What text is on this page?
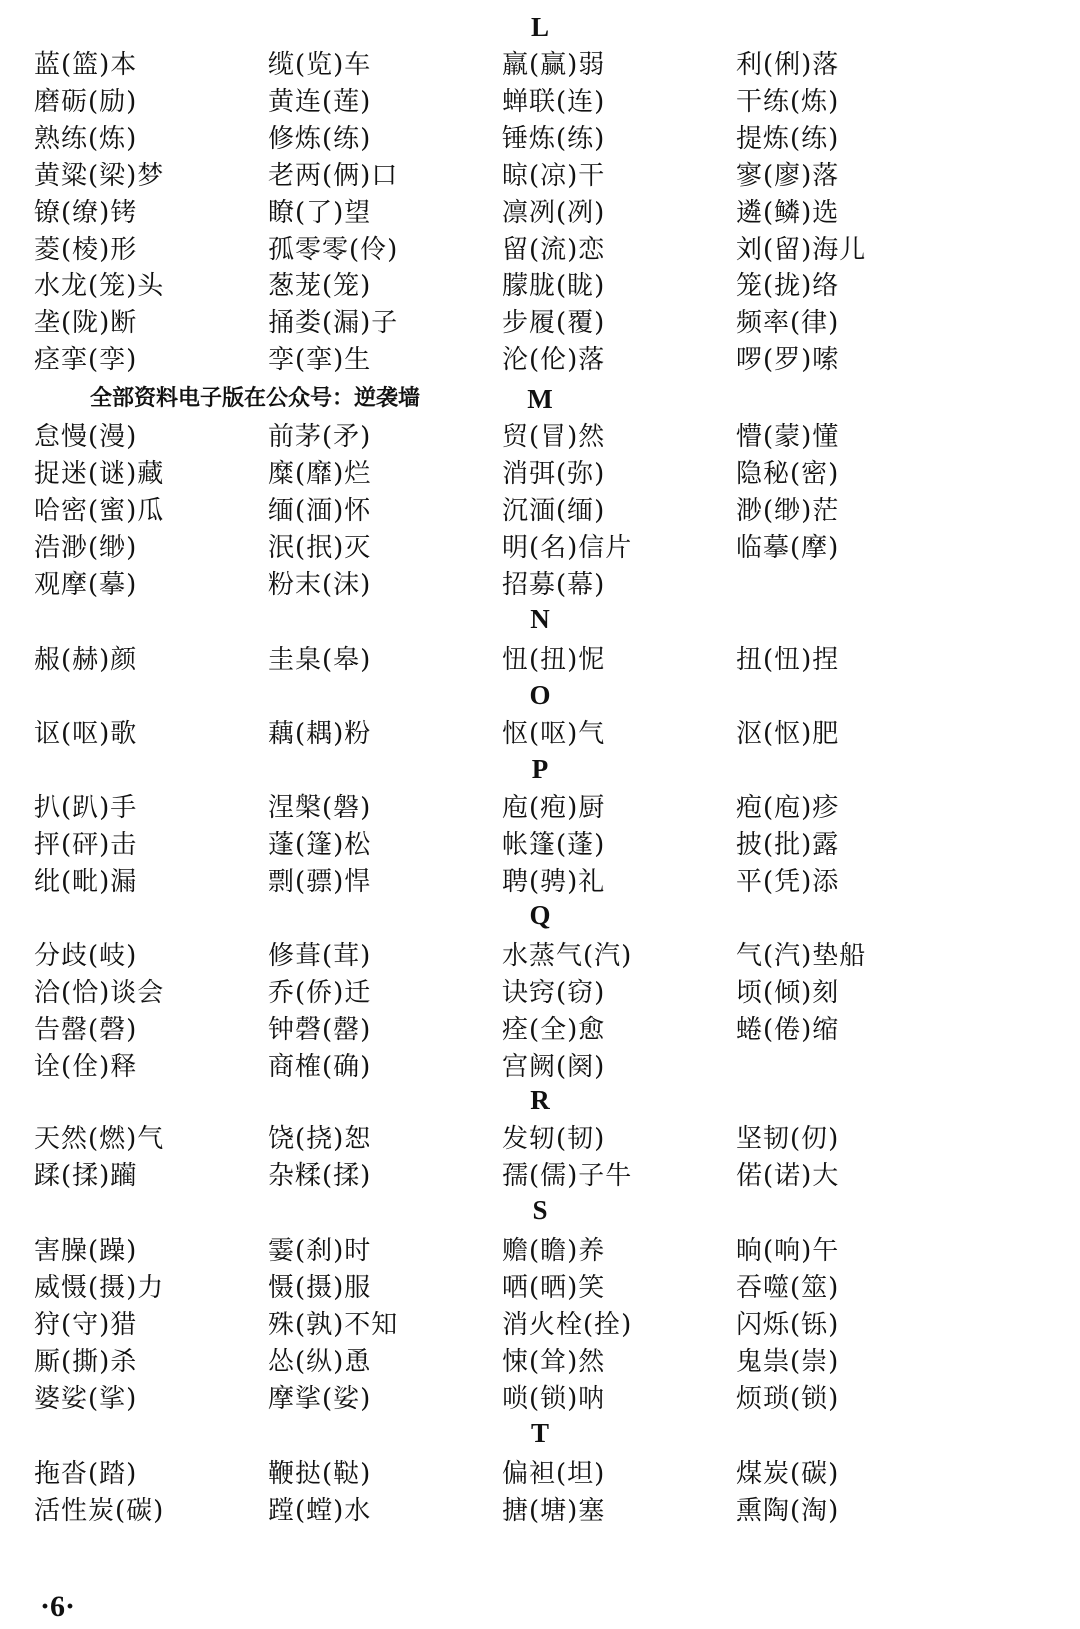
L
蓝(篮)本	缆(览)车	羸(赢)弱	利(俐)落
磨砺(励)	黄连(莲)	蝉联(连)	干练(炼)
熟练(炼)	修炼(练)	锤炼(练)	提炼(练)
黄粱(梁)梦	老两(俩)口	晾(凉)干	寥(廖)落
镣(缭)铐	瞭(了)望	凛冽(冽)	遴(鳞)选
菱(棱)形	孤零零(伶)	留(流)恋	刘(留)海儿
水龙(笼)头	葱茏(笼)	朦胧(眬)	笼(拢)络
垄(陇)断	捅娄(漏)子	步履(覆)	频率(律)
痉挛(孪)	孪(挛)生	沦(伦)落	啰(罗)嗦
全部资料电子版在公众号：逆袭墙	M
怠慢(漫)	前茅(矛)	贸(冒)然	懵(蒙)懂
捉迷(谜)藏	糜(靡)烂	消弭(弥)	隐秘(密)
哈密(蜜)瓜	缅(湎)怀	沉湎(缅)	渺(缈)茫
浩渺(缈)	泯(抿)灭	明(名)信片	临摹(摩)
观摩(摹)	粉末(沫)	招募(幕)
N
赧(赫)颜	圭臬(皋)	忸(扭)怩	扭(忸)捏
O
讴(呕)歌	藕(耦)粉	怄(呕)气	沤(怄)肥
P
扒(趴)手	涅槃(磐)	庖(疱)厨	疱(庖)疹
抨(砰)击	蓬(篷)松	帐篷(蓬)	披(批)露
纰(毗)漏	剽(骠)悍	聘(骋)礼	平(凭)添
Q
分歧(岐)	修葺(茸)	水蒸气(汽)	气(汽)垫船
洽(恰)谈会	乔(侨)迁	诀窍(窃)	顷(倾)刻
告罄(磬)	钟磬(罄)	痊(全)愈	蜷(倦)缩
诠(佺)释	商榷(确)	宫阙(阕)
R
天然(燃)气	饶(挠)恕	发轫(韧)	坚韧(仞)
蹂(揉)躏	杂糅(揉)	孺(儒)子牛	偌(诺)大
S
害臊(躁)	霎(刹)时	赡(瞻)养	晌(响)午
威慑(摄)力	慑(摄)服	哂(晒)笑	吞噬(筮)
狩(守)猎	殊(孰)不知	消火栓(拴)	闪烁(铄)
厮(撕)杀	怂(纵)恿	悚(耸)然	鬼祟(崇)
婆娑(挲)	摩挲(娑)	唢(锁)呐	烦琐(锁)
T
拖沓(踏)	鞭挞(鞑)	偏袒(坦)	煤炭(碳)
活性炭(碳)	蹚(螳)水	搪(塘)塞	熏陶(淘)
·6·
